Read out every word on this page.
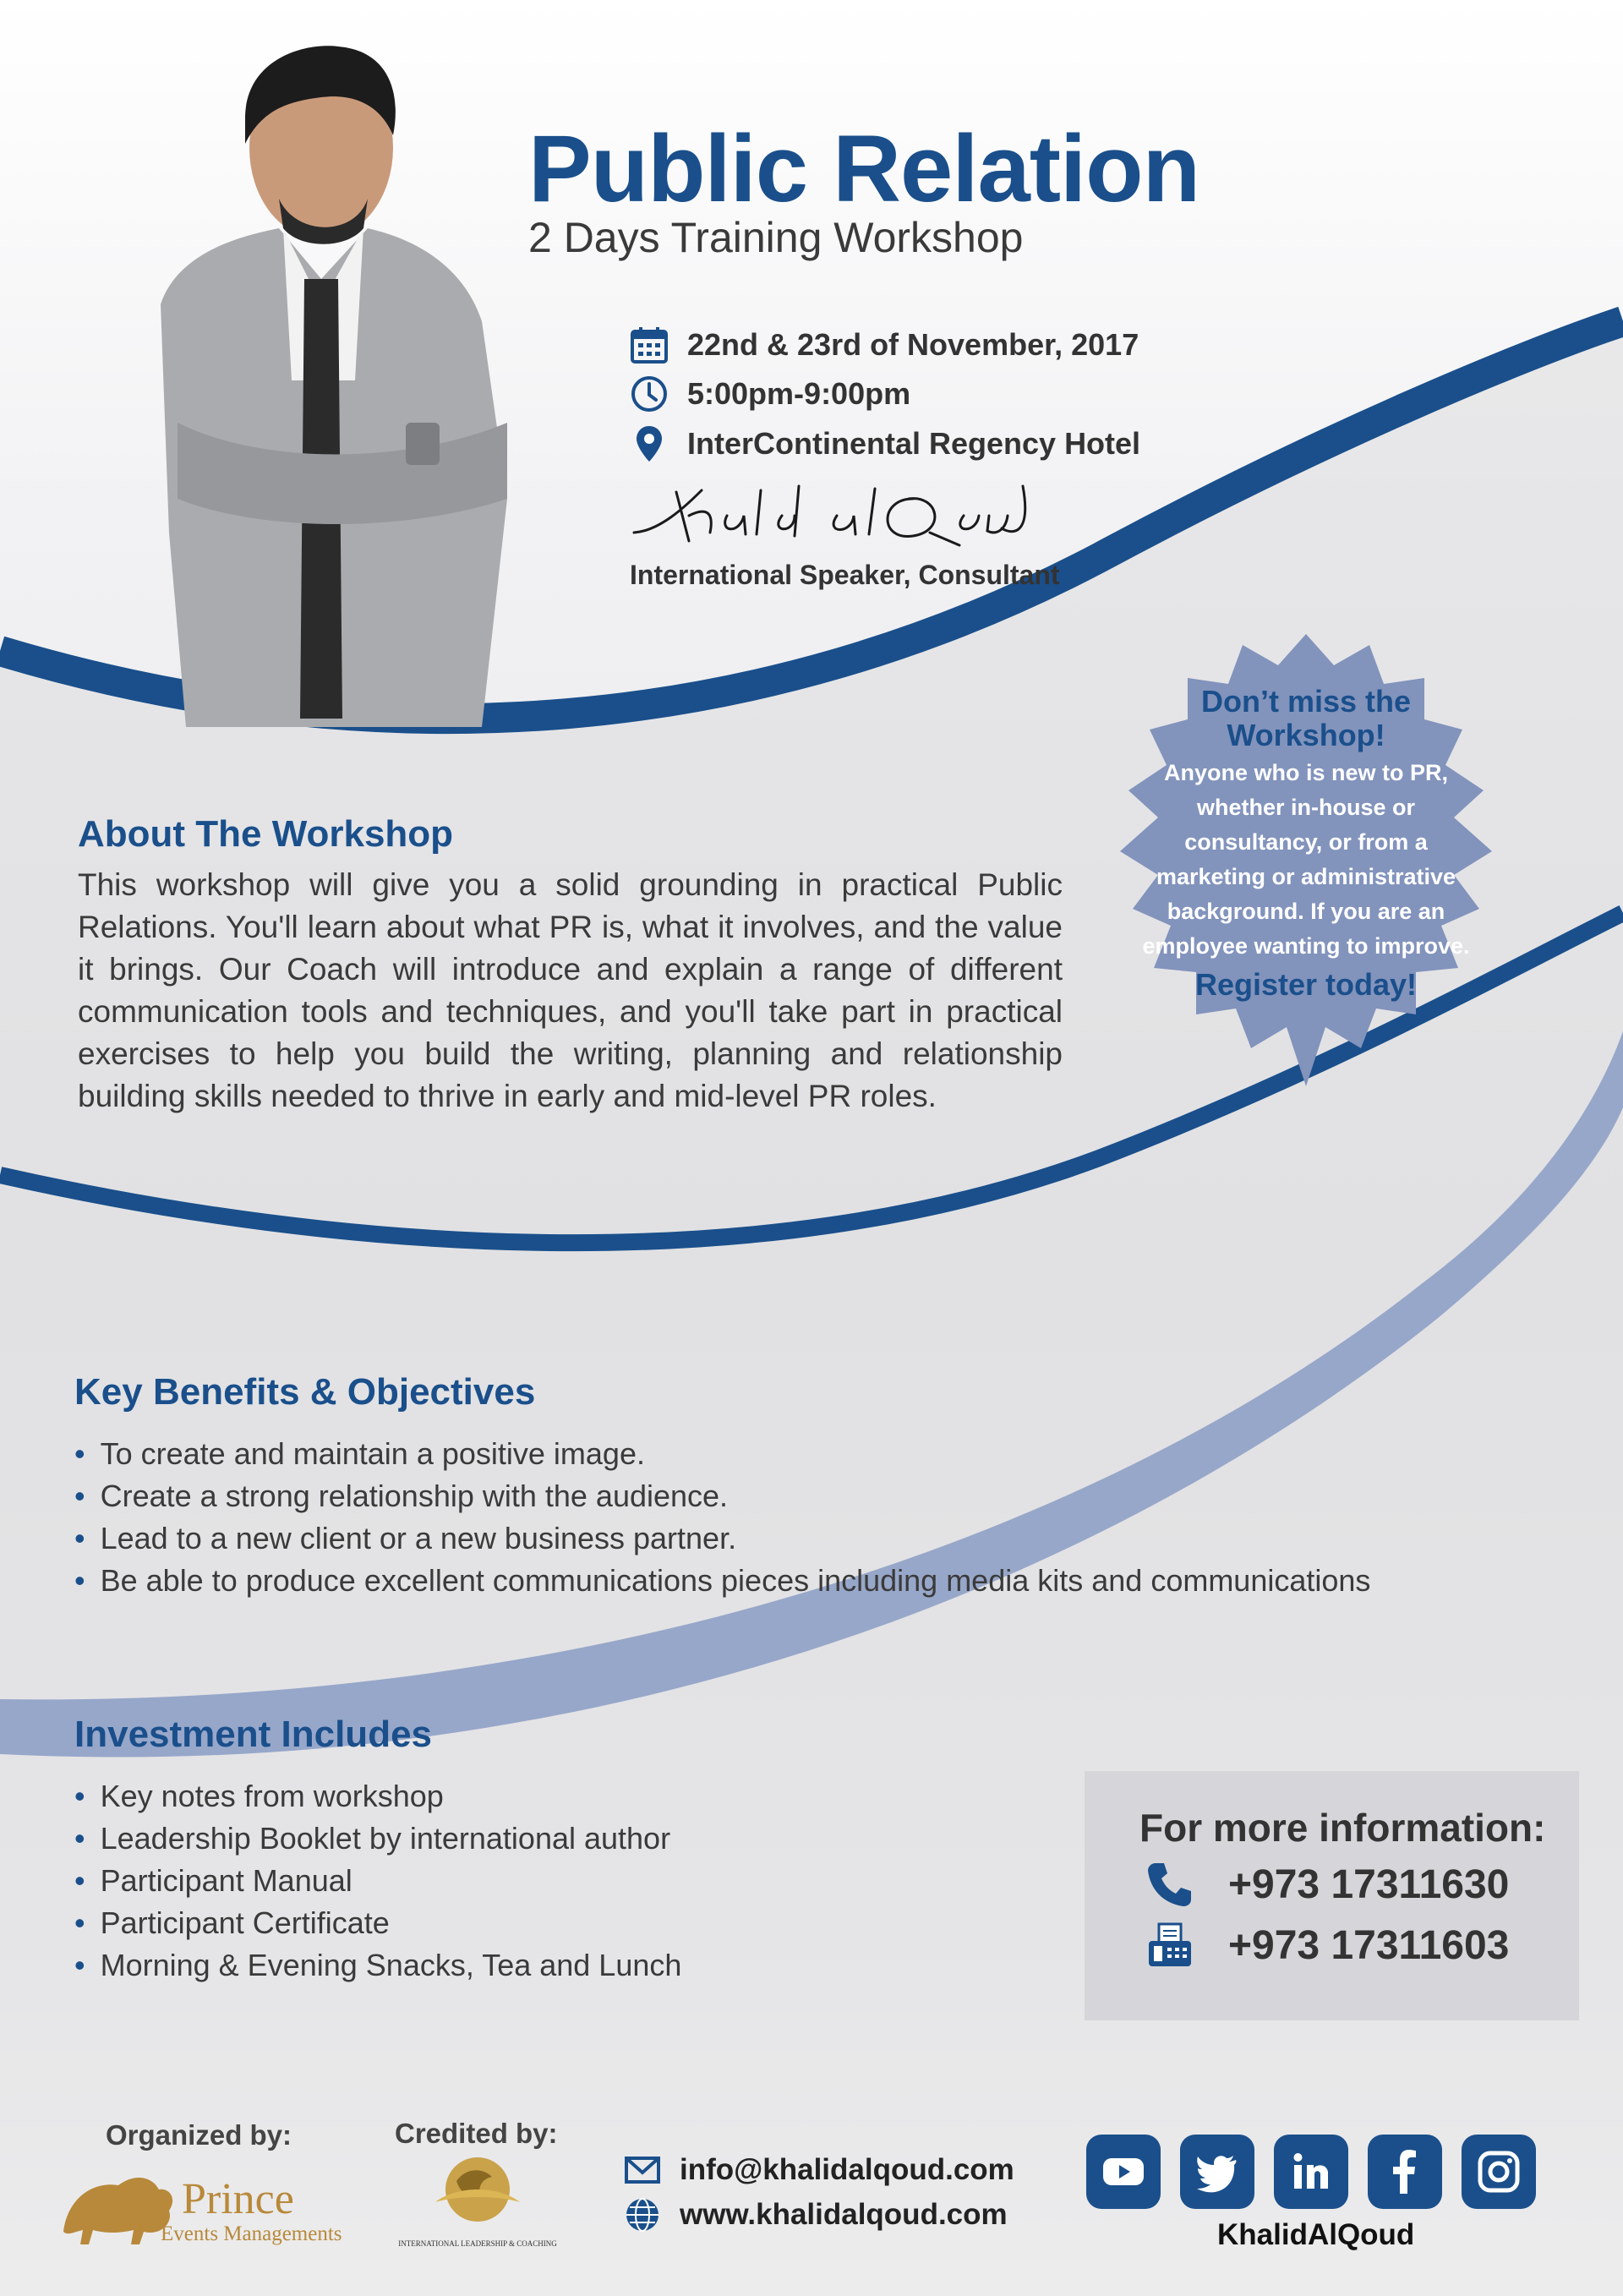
Public Relation
2 Days Training Workshop
22nd & 23rd of November, 2017
5:00pm-9:00pm
InterContinental Regency Hotel
International Speaker, Consultant
Don’t miss the Workshop!
Anyone who is new to PR, whether in-house or consultancy, or from a marketing or administrative background. If you are an employee wanting to improve.
Register today!
About The Workshop
This workshop will give you a solid grounding in practical Public Relations. You'll learn about what PR is, what it involves, and the value it brings. Our Coach will introduce and explain a range of different communication tools and techniques, and you'll take part in practical exercises to help you build the writing, planning and relationship building skills needed to thrive in early and mid-level PR roles.
Key Benefits & Objectives
• To create and maintain a positive image.
• Create a strong relationship with the audience.
• Lead to a new client or a new business partner.
• Be able to produce excellent communications pieces including media kits and communications
Investment Includes
• Key notes from workshop
• Leadership Booklet by international author
• Participant Manual
• Participant Certificate
• Morning & Evening Snacks, Tea and Lunch
For more information:
+973 17311630
+973 17311603
Organized by:
Prince
Events Managements
Credited by:
INTERNATIONAL LEADERSHIP & COACHING
info@khalidalqoud.com
www.khalidalqoud.com
KhalidAlQoud
